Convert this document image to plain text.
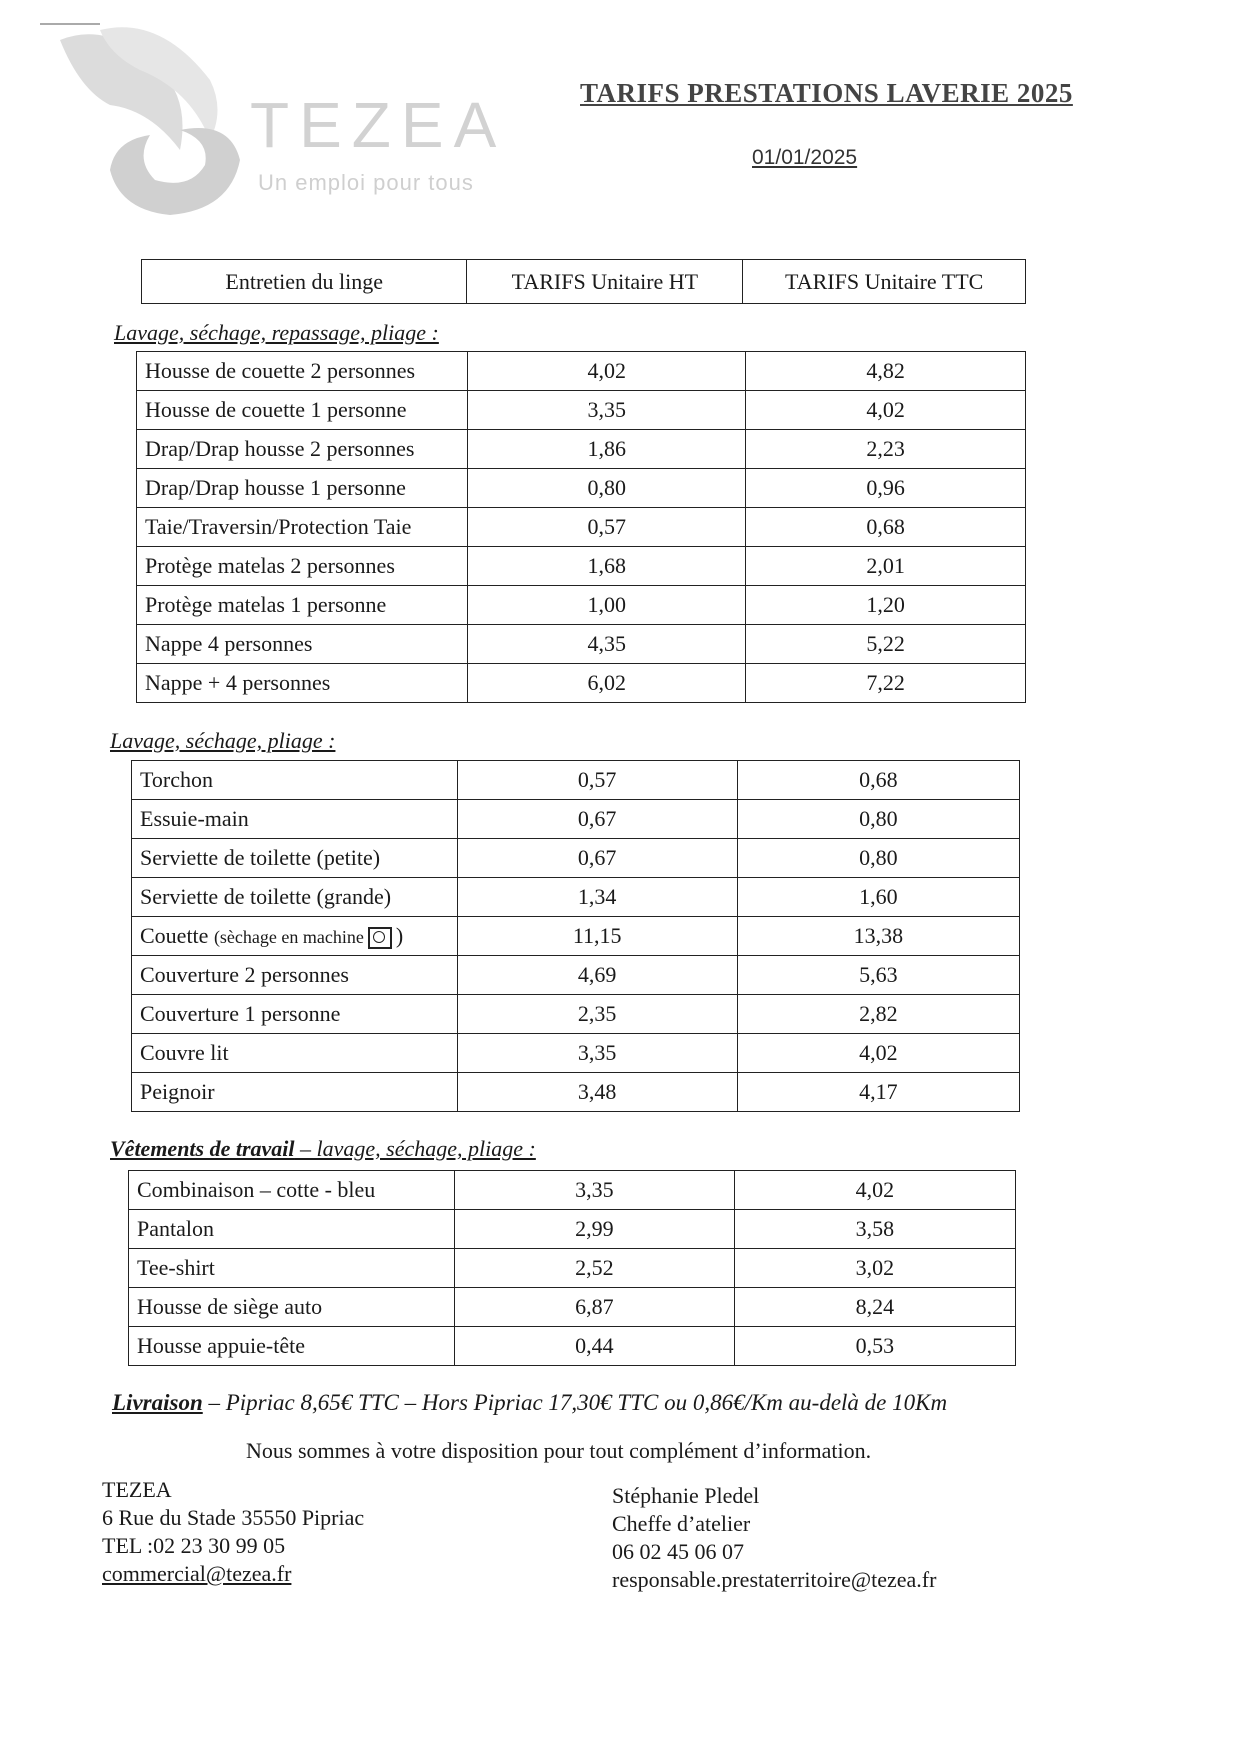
TEZEA
Un emploi pour tous
TARIFS PRESTATIONS LAVERIE 2025
01/01/2025
Entretien du linge	TARIFS Unitaire HT	TARIFS Unitaire TTC
Lavage, séchage, repassage, pliage :
Housse de couette 2 personnes	4,02	4,82
Housse de couette 1 personne	3,35	4,02
Drap/Drap housse 2 personnes	1,86	2,23
Drap/Drap housse 1 personne	0,80	0,96
Taie/Traversin/Protection Taie	0,57	0,68
Protège matelas 2 personnes	1,68	2,01
Protège matelas 1 personne	1,00	1,20
Nappe 4 personnes	4,35	5,22
Nappe + 4 personnes	6,02	7,22
Lavage, séchage, pliage :
Torchon	0,57	0,68
Essuie-main	0,67	0,80
Serviette de toilette (petite)	0,67	0,80
Serviette de toilette (grande)	1,34	1,60
Couette (sèchage en machine )	11,15	13,38
Couverture 2 personnes	4,69	5,63
Couverture 1 personne	2,35	2,82
Couvre lit	3,35	4,02
Peignoir	3,48	4,17
Vêtements de travail – lavage, séchage, pliage :
Combinaison – cotte - bleu	3,35	4,02
Pantalon	2,99	3,58
Tee-shirt	2,52	3,02
Housse de siège auto	6,87	8,24
Housse appuie-tête	0,44	0,53
Livraison – Pipriac 8,65€ TTC – Hors Pipriac 17,30€ TTC ou 0,86€/Km au-delà de 10Km
Nous sommes à votre disposition pour tout complément d’information.
TEZEA
6 Rue du Stade 35550 Pipriac
TEL :02 23 30 99 05
commercial@tezea.fr
Stéphanie Pledel
Cheffe d’atelier
06 02 45 06 07
responsable.prestaterritoire@tezea.fr
